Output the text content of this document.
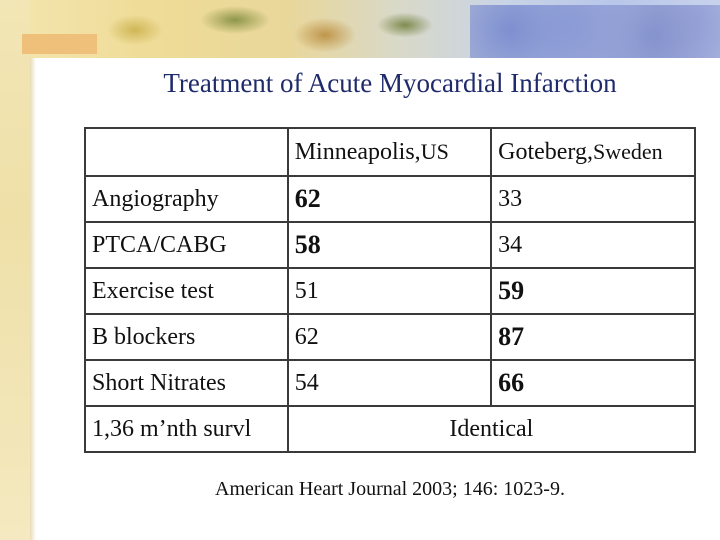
Treatment of Acute Myocardial Infarction
	Minneapolis,US	Goteberg,Sweden
Angiography	62	33
PTCA/CABG	58	34
Exercise test	51	59
B blockers	62	87
Short Nitrates	54	66
1,36 m’nth survl	Identical	
American Heart Journal 2003; 146: 1023-9.
